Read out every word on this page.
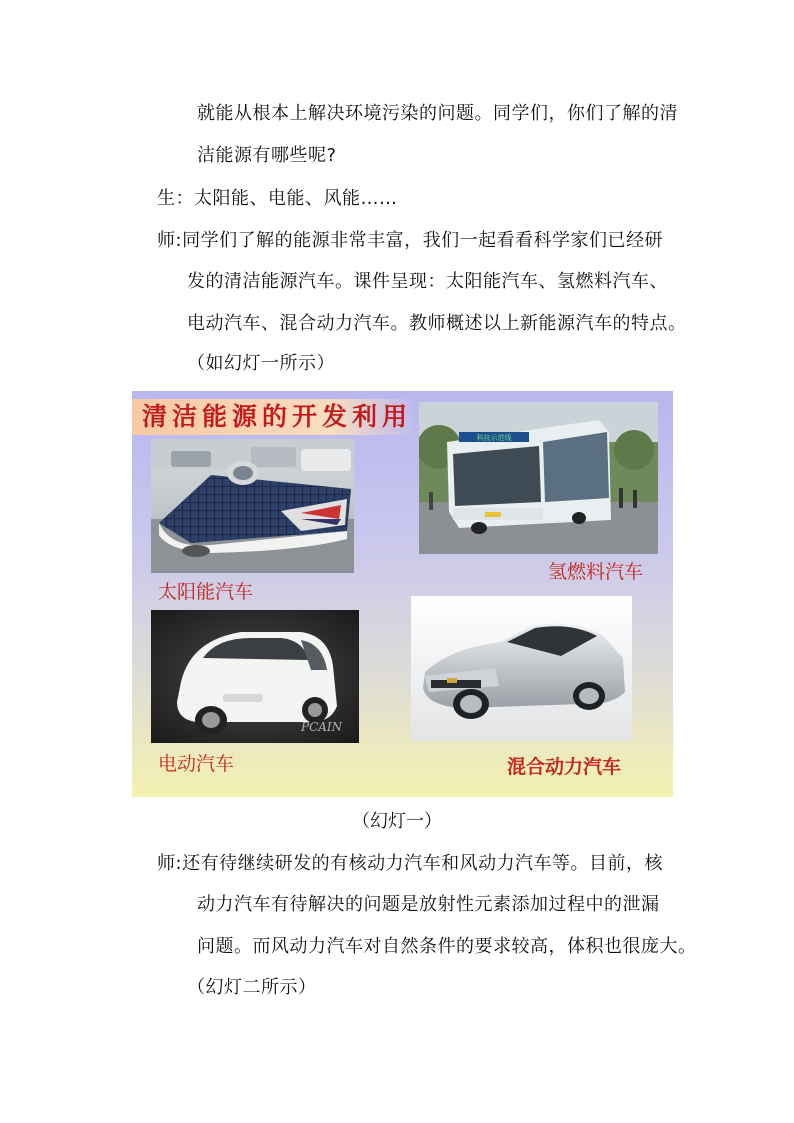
就能从根本上解决环境污染的问题。同学们，你们了解的清

洁能源有哪些呢?

生：太阳能、电能、风能……

师:同学们了解的能源非常丰富，我们一起看看科学家们已经研

发的清洁能源汽车。课件呈现：太阳能汽车、氢燃料汽车、

电动汽车、混合动力汽车。教师概述以上新能源汽车的特点。

（如幻灯一所示）

清洁能源的开发利用
科技示范线
PCAIN
太阳能汽车
氢燃料汽车
电动汽车	混合动力汽车
（幻灯一）

师:还有待继续研发的有核动力汽车和风动力汽车等。目前，核

动力汽车有待解决的问题是放射性元素添加过程中的泄漏

问题。而风动力汽车对自然条件的要求较高，体积也很庞大。

（幻灯二所示）
